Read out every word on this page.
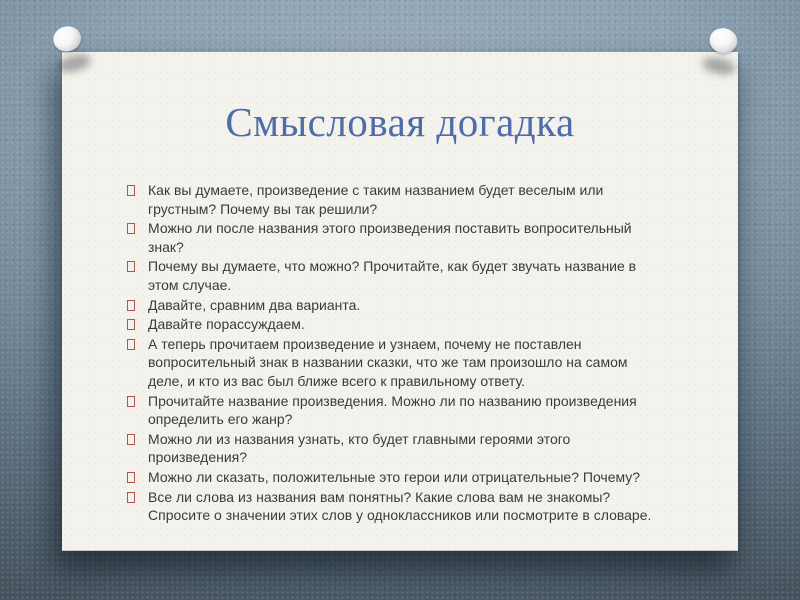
Смысловая догадка
Как вы думаете, произведение с таким названием будет веселым или грустным? Почему вы так решили?
Можно ли после названия этого произведения поставить вопросительный знак?
Почему вы думаете, что можно? Прочитайте, как будет звучать название в этом случае.
Давайте, сравним два варианта.
Давайте порассуждаем.
А теперь прочитаем произведение и узнаем, почему не поставлен вопросительный знак в названии сказки, что же там произошло на самом деле, и кто из вас был ближе всего к правильному ответу.
Прочитайте название произведения. Можно ли по названию произведения определить его жанр?
Можно ли из названия узнать, кто будет главными героями этого произведения?
Можно ли сказать, положительные это герои или отрицательные? Почему?
Все ли слова из названия вам понятны? Какие слова вам не знакомы? Спросите о значении этих слов у одноклассников или посмотрите в словаре.
